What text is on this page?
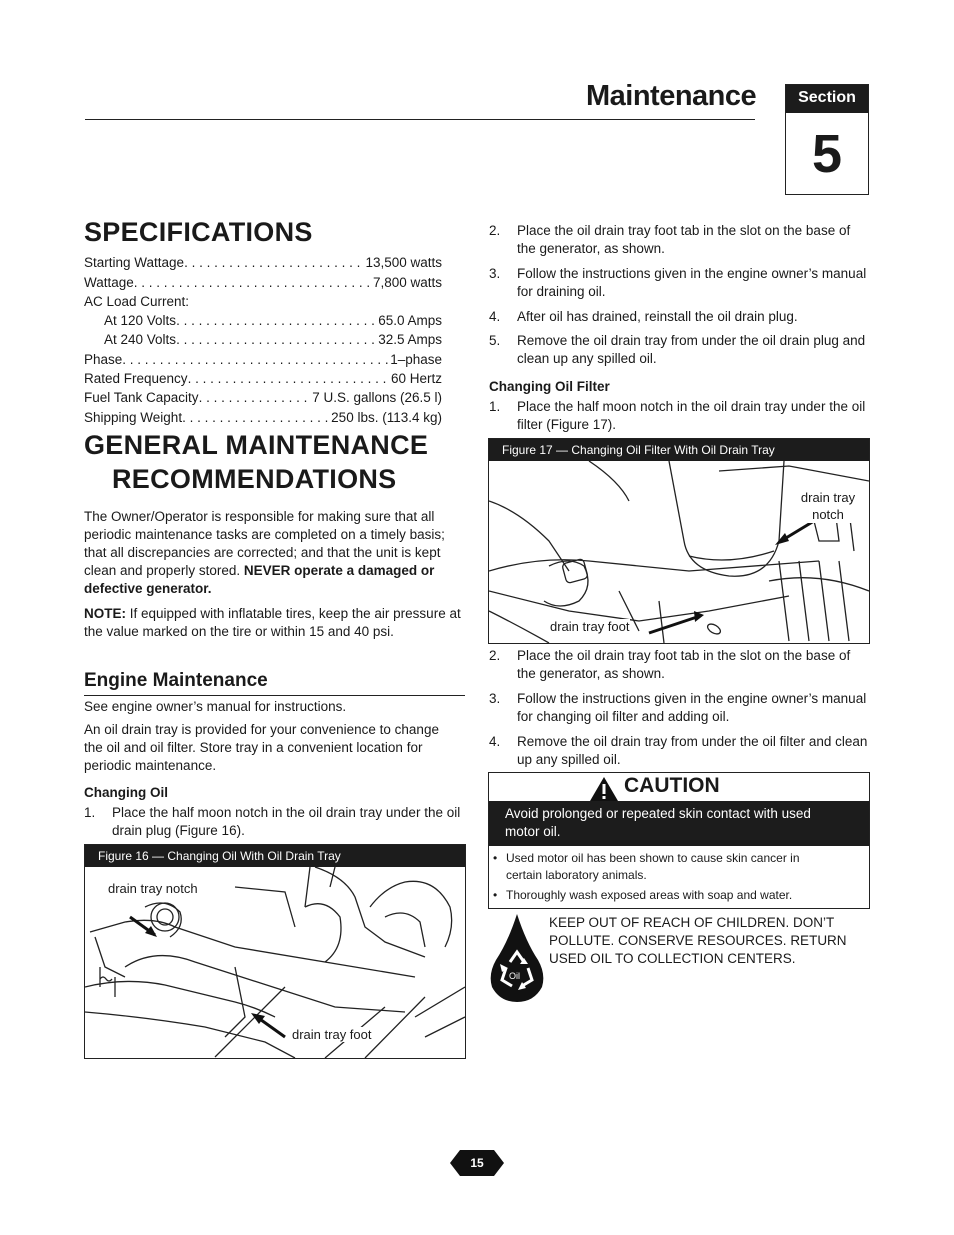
Maintenance	Section
5
SPECIFICATIONS
Starting Wattage . . .	13,500 watts
Wattage . . .	7,800 watts
AC Load Current:
At 120 Volts . . .	65.0 Amps
At 240 Volts . . .	32.5 Amps
Phase . . .	1–phase
Rated Frequency . . .	60 Hertz
Fuel Tank Capacity . . .	7 U.S. gallons (26.5 l)
Shipping Weight . . .	250 lbs. (113.4 kg)
GENERAL MAINTENANCE
RECOMMENDATIONS
The Owner/Operator is responsible for making sure that all periodic maintenance tasks are completed on a timely basis; that all discrepancies are corrected; and that the unit is kept clean and properly stored. NEVER operate a damaged or defective generator.
NOTE: If equipped with inflatable tires, keep the air pressure at the value marked on the tire or within 15 and 40 psi.
Engine Maintenance
See engine owner’s manual for instructions.
An oil drain tray is provided for your convenience to change the oil and oil filter. Store tray in a convenient location for periodic maintenance.
Changing Oil
1. Place the half moon notch in the oil drain tray under the oil drain plug (Figure 16).
Figure 16 — Changing Oil With Oil Drain Tray
drain tray notch
drain tray foot
2. Place the oil drain tray foot tab in the slot on the base of the generator, as shown.
3. Follow the instructions given in the engine owner’s manual for draining oil.
4. After oil has drained, reinstall the oil drain plug.
5. Remove the oil drain tray from under the oil drain plug and clean up any spilled oil.
Changing Oil Filter
1. Place the half moon notch in the oil drain tray under the oil filter (Figure 17).
Figure 17 — Changing Oil Filter With Oil Drain Tray
drain tray
notch
drain tray foot
2. Place the oil drain tray foot tab in the slot on the base of the generator, as shown.
3. Follow the instructions given in the engine owner’s manual for changing oil filter and adding oil.
4. Remove the oil drain tray from under the oil filter and clean up any spilled oil.
CAUTION
Avoid prolonged or repeated skin contact with used
motor oil.
• Used motor oil has been shown to cause skin cancer in
certain laboratory animals.
• Thoroughly wash exposed areas with soap and water.
Oil
KEEP OUT OF REACH OF CHILDREN. DON’T
POLLUTE. CONSERVE RESOURCES. RETURN
USED OIL TO COLLECTION CENTERS.
15
